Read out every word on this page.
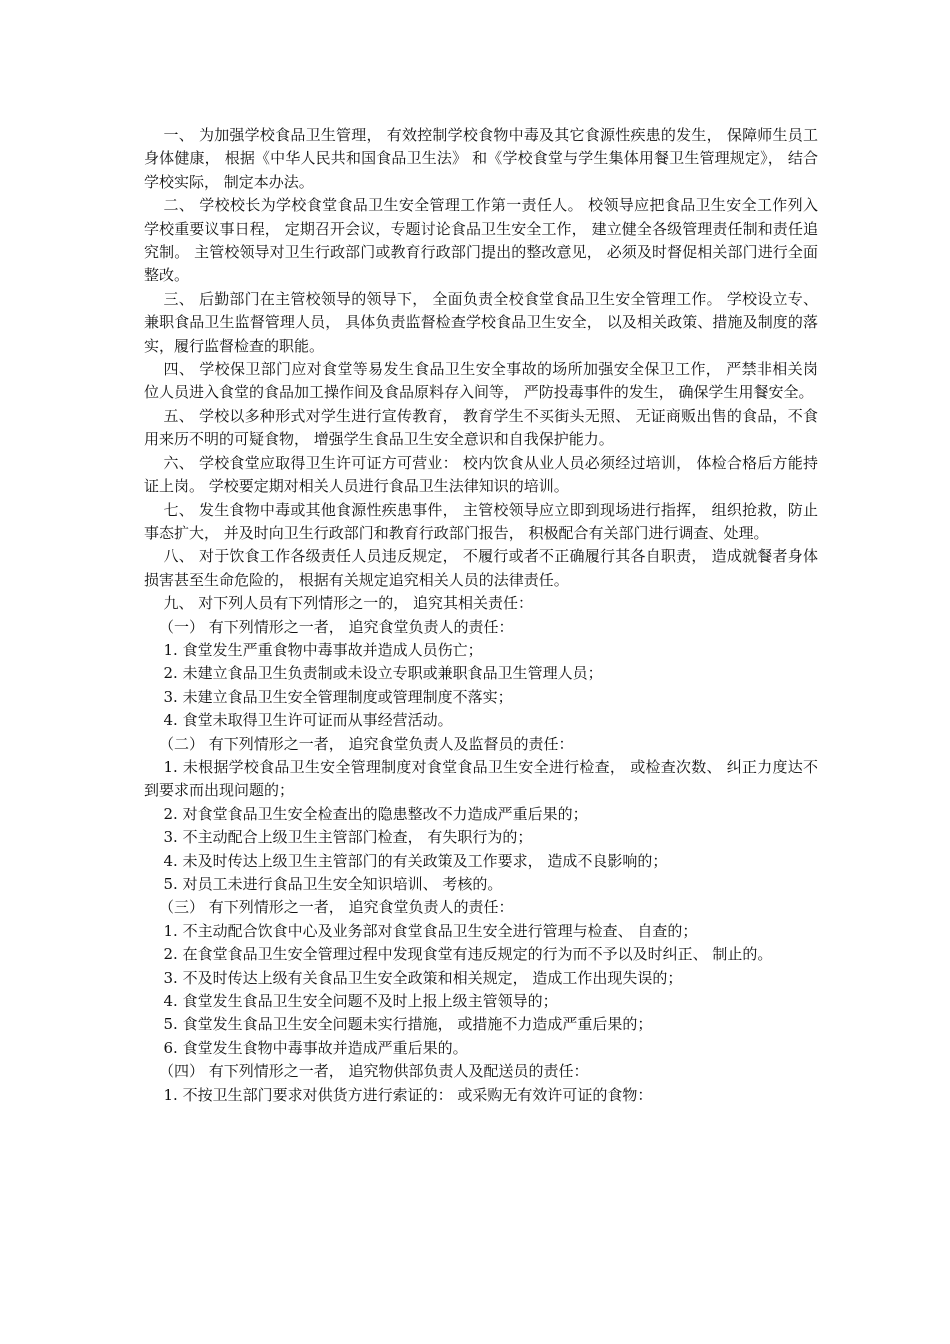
一、 为加强学校食品卫生管理， 有效控制学校食物中毒及其它食源性疾患的发生， 保障师生员工身体健康， 根据《中华人民共和国食品卫生法》 和《学校食堂与学生集体用餐卫生管理规定》， 结合学校实际， 制定本办法。

二、 学校校长为学校食堂食品卫生安全管理工作第一责任人。 校领导应把食品卫生安全工作列入学校重要议事日程， 定期召开会议，专题讨论食品卫生安全工作， 建立健全各级管理责任制和责任追究制。 主管校领导对卫生行政部门或教育行政部门提出的整改意见， 必须及时督促相关部门进行全面整改。

三、 后勤部门在主管校领导的领导下， 全面负责全校食堂食品卫生安全管理工作。 学校设立专、 兼职食品卫生监督管理人员， 具体负责监督检查学校食品卫生安全， 以及相关政策、措施及制度的落实，履行监督检查的职能。

四、 学校保卫部门应对食堂等易发生食品卫生安全事故的场所加强安全保卫工作， 严禁非相关岗位人员进入食堂的食品加工操作间及食品原料存入间等， 严防投毒事件的发生， 确保学生用餐安全。

五、 学校以多种形式对学生进行宣传教育， 教育学生不买街头无照、 无证商贩出售的食品，不食用来历不明的可疑食物， 增强学生食品卫生安全意识和自我保护能力。

六、 学校食堂应取得卫生许可证方可营业： 校内饮食从业人员必须经过培训， 体检合格后方能持证上岗。 学校要定期对相关人员进行食品卫生法律知识的培训。

七、 发生食物中毒或其他食源性疾患事件， 主管校领导应立即到现场进行指挥， 组织抢救，防止事态扩大， 并及时向卫生行政部门和教育行政部门报告， 积极配合有关部门进行调查、处理。

八、 对于饮食工作各级责任人员违反规定， 不履行或者不正确履行其各自职责， 造成就餐者身体损害甚至生命危险的， 根据有关规定追究相关人员的法律责任。

九、 对下列人员有下列情形之一的， 追究其相关责任：

（一） 有下列情形之一者， 追究食堂负责人的责任：

1. 食堂发生严重食物中毒事故并造成人员伤亡；

2. 未建立食品卫生负责制或未设立专职或兼职食品卫生管理人员；

3. 未建立食品卫生安全管理制度或管理制度不落实；

4. 食堂未取得卫生许可证而从事经营活动。

（二） 有下列情形之一者， 追究食堂负责人及监督员的责任：

1. 未根据学校食品卫生安全管理制度对食堂食品卫生安全进行检查， 或检查次数、 纠正力度达不到要求而出现问题的；

2. 对食堂食品卫生安全检查出的隐患整改不力造成严重后果的；

3. 不主动配合上级卫生主管部门检查， 有失职行为的；

4. 未及时传达上级卫生主管部门的有关政策及工作要求， 造成不良影响的；

5. 对员工未进行食品卫生安全知识培训、 考核的。

（三） 有下列情形之一者， 追究食堂负责人的责任：

1. 不主动配合饮食中心及业务部对食堂食品卫生安全进行管理与检查、 自查的；

2. 在食堂食品卫生安全管理过程中发现食堂有违反规定的行为而不予以及时纠正、 制止的。

3. 不及时传达上级有关食品卫生安全政策和相关规定， 造成工作出现失误的；

4. 食堂发生食品卫生安全问题不及时上报上级主管领导的；

5. 食堂发生食品卫生安全问题未实行措施， 或措施不力造成严重后果的；

6. 食堂发生食物中毒事故并造成严重后果的。

（四） 有下列情形之一者， 追究物供部负责人及配送员的责任：

1. 不按卫生部门要求对供货方进行索证的： 或采购无有效许可证的食物：
